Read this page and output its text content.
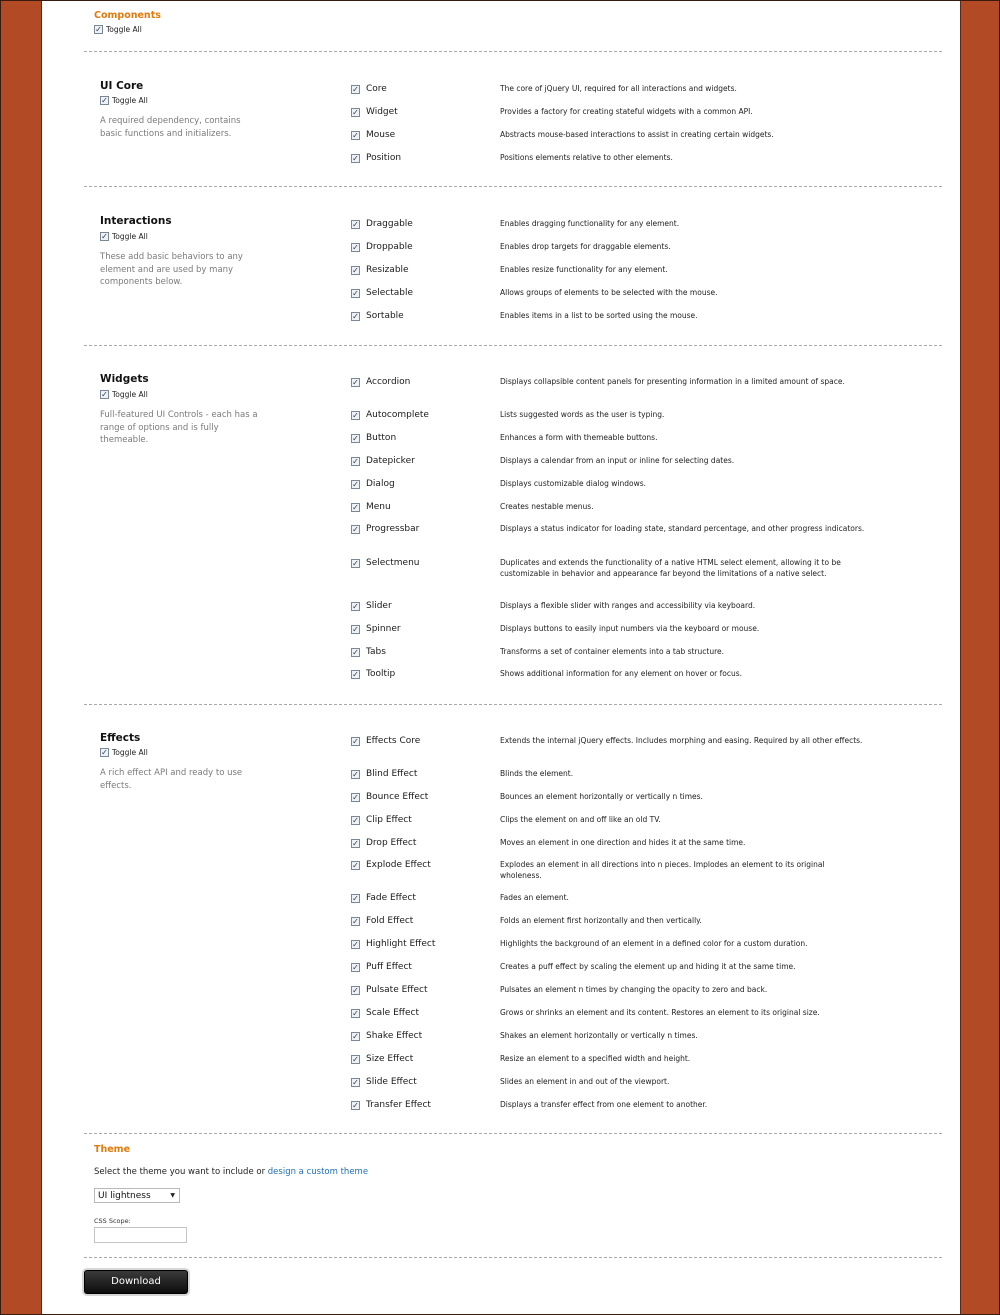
Components
✓ Toggle All
UI Core
✓ Toggle All
A required dependency, contains basic functions and initializers.
✓ Core	The core of jQuery UI, required for all interactions and widgets.
✓ Widget	Provides a factory for creating stateful widgets with a common API.
✓ Mouse	Abstracts mouse-based interactions to assist in creating certain widgets.
✓ Position	Positions elements relative to other elements.
Interactions
✓ Toggle All
These add basic behaviors to any element and are used by many components below.
✓ Draggable	Enables dragging functionality for any element.
✓ Droppable	Enables drop targets for draggable elements.
✓ Resizable	Enables resize functionality for any element.
✓ Selectable	Allows groups of elements to be selected with the mouse.
✓ Sortable	Enables items in a list to be sorted using the mouse.
Widgets
✓ Toggle All
Full-featured UI Controls - each has a range of options and is fully themeable.
✓ Accordion	Displays collapsible content panels for presenting information in a limited amount of space.
✓ Autocomplete	Lists suggested words as the user is typing.
✓ Button	Enhances a form with themeable buttons.
✓ Datepicker	Displays a calendar from an input or inline for selecting dates.
✓ Dialog	Displays customizable dialog windows.
✓ Menu	Creates nestable menus.
✓ Progressbar	Displays a status indicator for loading state, standard percentage, and other progress indicators.
✓ Selectmenu	Duplicates and extends the functionality of a native HTML select element, allowing it to be customizable in behavior and appearance far beyond the limitations of a native select.
✓ Slider	Displays a flexible slider with ranges and accessibility via keyboard.
✓ Spinner	Displays buttons to easily input numbers via the keyboard or mouse.
✓ Tabs	Transforms a set of container elements into a tab structure.
✓ Tooltip	Shows additional information for any element on hover or focus.
Effects
✓ Toggle All
A rich effect API and ready to use effects.
✓ Effects Core	Extends the internal jQuery effects. Includes morphing and easing. Required by all other effects.
✓ Blind Effect	Blinds the element.
✓ Bounce Effect	Bounces an element horizontally or vertically n times.
✓ Clip Effect	Clips the element on and off like an old TV.
✓ Drop Effect	Moves an element in one direction and hides it at the same time.
✓ Explode Effect	Explodes an element in all directions into n pieces. Implodes an element to its original wholeness.
✓ Fade Effect	Fades an element.
✓ Fold Effect	Folds an element first horizontally and then vertically.
✓ Highlight Effect	Highlights the background of an element in a defined color for a custom duration.
✓ Puff Effect	Creates a puff effect by scaling the element up and hiding it at the same time.
✓ Pulsate Effect	Pulsates an element n times by changing the opacity to zero and back.
✓ Scale Effect	Grows or shrinks an element and its content. Restores an element to its original size.
✓ Shake Effect	Shakes an element horizontally or vertically n times.
✓ Size Effect	Resize an element to a specified width and height.
✓ Slide Effect	Slides an element in and out of the viewport.
✓ Transfer Effect	Displays a transfer effect from one element to another.
Theme
Select the theme you want to include or design a custom theme
UI lightness	▼
CSS Scope:
Download
